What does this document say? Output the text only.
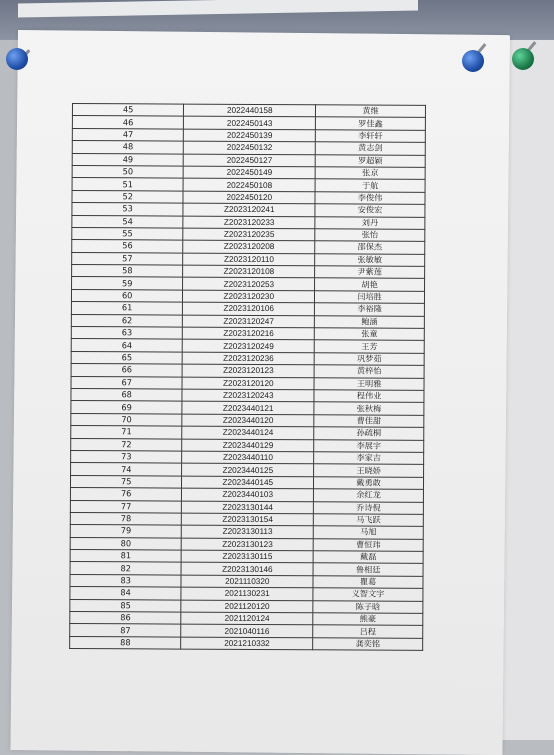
45	2022440158	黄维
46	2022450143	罗佳鑫
47	2022450139	李轩轩
48	2022450132	黄志剑
49	2022450127	罗超颖
50	2022450149	张京
51	2022450108	于航
52	2022450120	李俊伟
53	Z2023120241	安俊宏
54	Z2023120233	刘丹
55	Z2023120235	张怡
56	Z2023120208	邵保杰
57	Z2023120110	张敏敏
58	Z2023120108	尹紫莲
59	Z2023120253	胡艳
60	Z2023120230	闫培胜
61	Z2023120106	李裕隆
62	Z2023120247	鲍涵
63	Z2023120216	张童
64	Z2023120249	王芳
65	Z2023120236	巩梦茹
66	Z2023120123	黄梓怡
67	Z2023120120	王明雅
68	Z2023120243	程伟业
69	Z2023440121	张秋梅
70	Z2023440120	曹佳甜
71	Z2023440124	孙疏桐
72	Z2023440129	李展宇
73	Z2023440110	李家吉
74	Z2023440125	王晓娇
75	Z2023440145	戴勇敢
76	Z2023440103	余红龙
77	Z2023130144	乔诗倪
78	Z2023130154	马飞跃
79	Z2023130113	马旭
80	Z2023130123	曹恒玮
81	Z2023130115	戴磊
82	Z2023130146	鲁相廷
83	2021110320	瞿葛
84	2021130231	义智文宇
85	2021120120	陈子晗
86	2021120124	熊豪
87	2021040116	吕程
88	2021210332	龚奕铭
